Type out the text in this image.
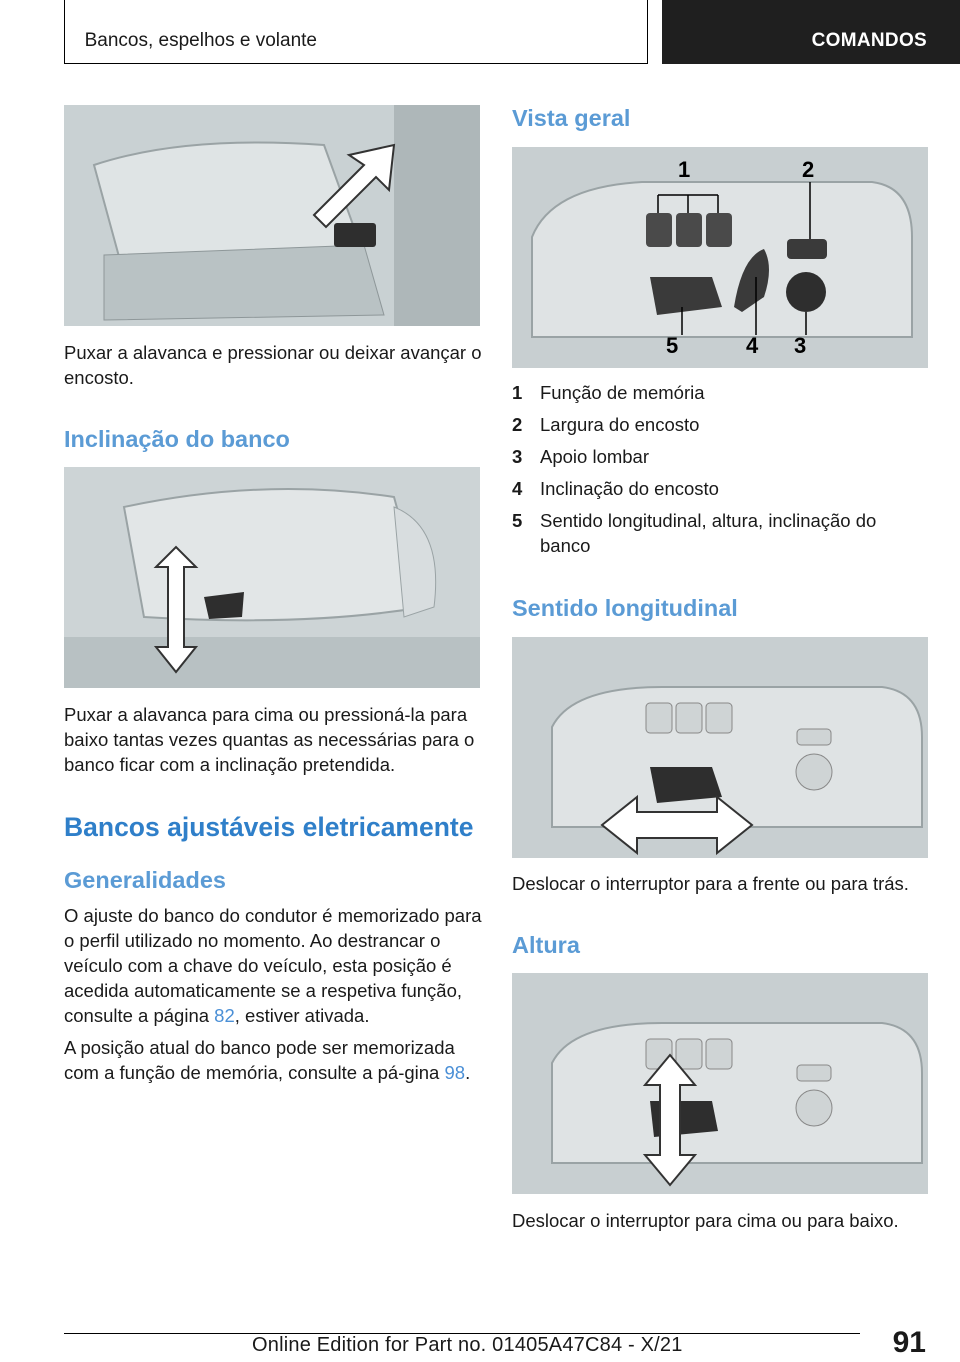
Bancos, espelhos e volante	COMANDOS
Puxar a alavanca e pressionar ou deixar avançar o encosto.
Inclinação do banco
Puxar a alavanca para cima ou pressioná-la para baixo tantas vezes quantas as necessárias para o banco ficar com a inclinação pretendida.
Bancos ajustáveis eletricamente
Generalidades
O ajuste do banco do condutor é memorizado para o perfil utilizado no momento. Ao destrancar o veículo com a chave do veículo, esta posição é acedida automaticamente se a respetiva função, consulte a página 82, estiver ativada.
A posição atual do banco pode ser memorizada com a função de memória, consulte a pá-gina 98.
Vista geral
1	2
3
4
5
1 Função de memória
2 Largura do encosto
3 Apoio lombar
4 Inclinação do encosto
5 Sentido longitudinal, altura, inclinação do banco
Sentido longitudinal
Deslocar o interruptor para a frente ou para trás.
Altura
Deslocar o interruptor para cima ou para baixo.
91
Online Edition for Part no. 01405A47C84 - X/21
